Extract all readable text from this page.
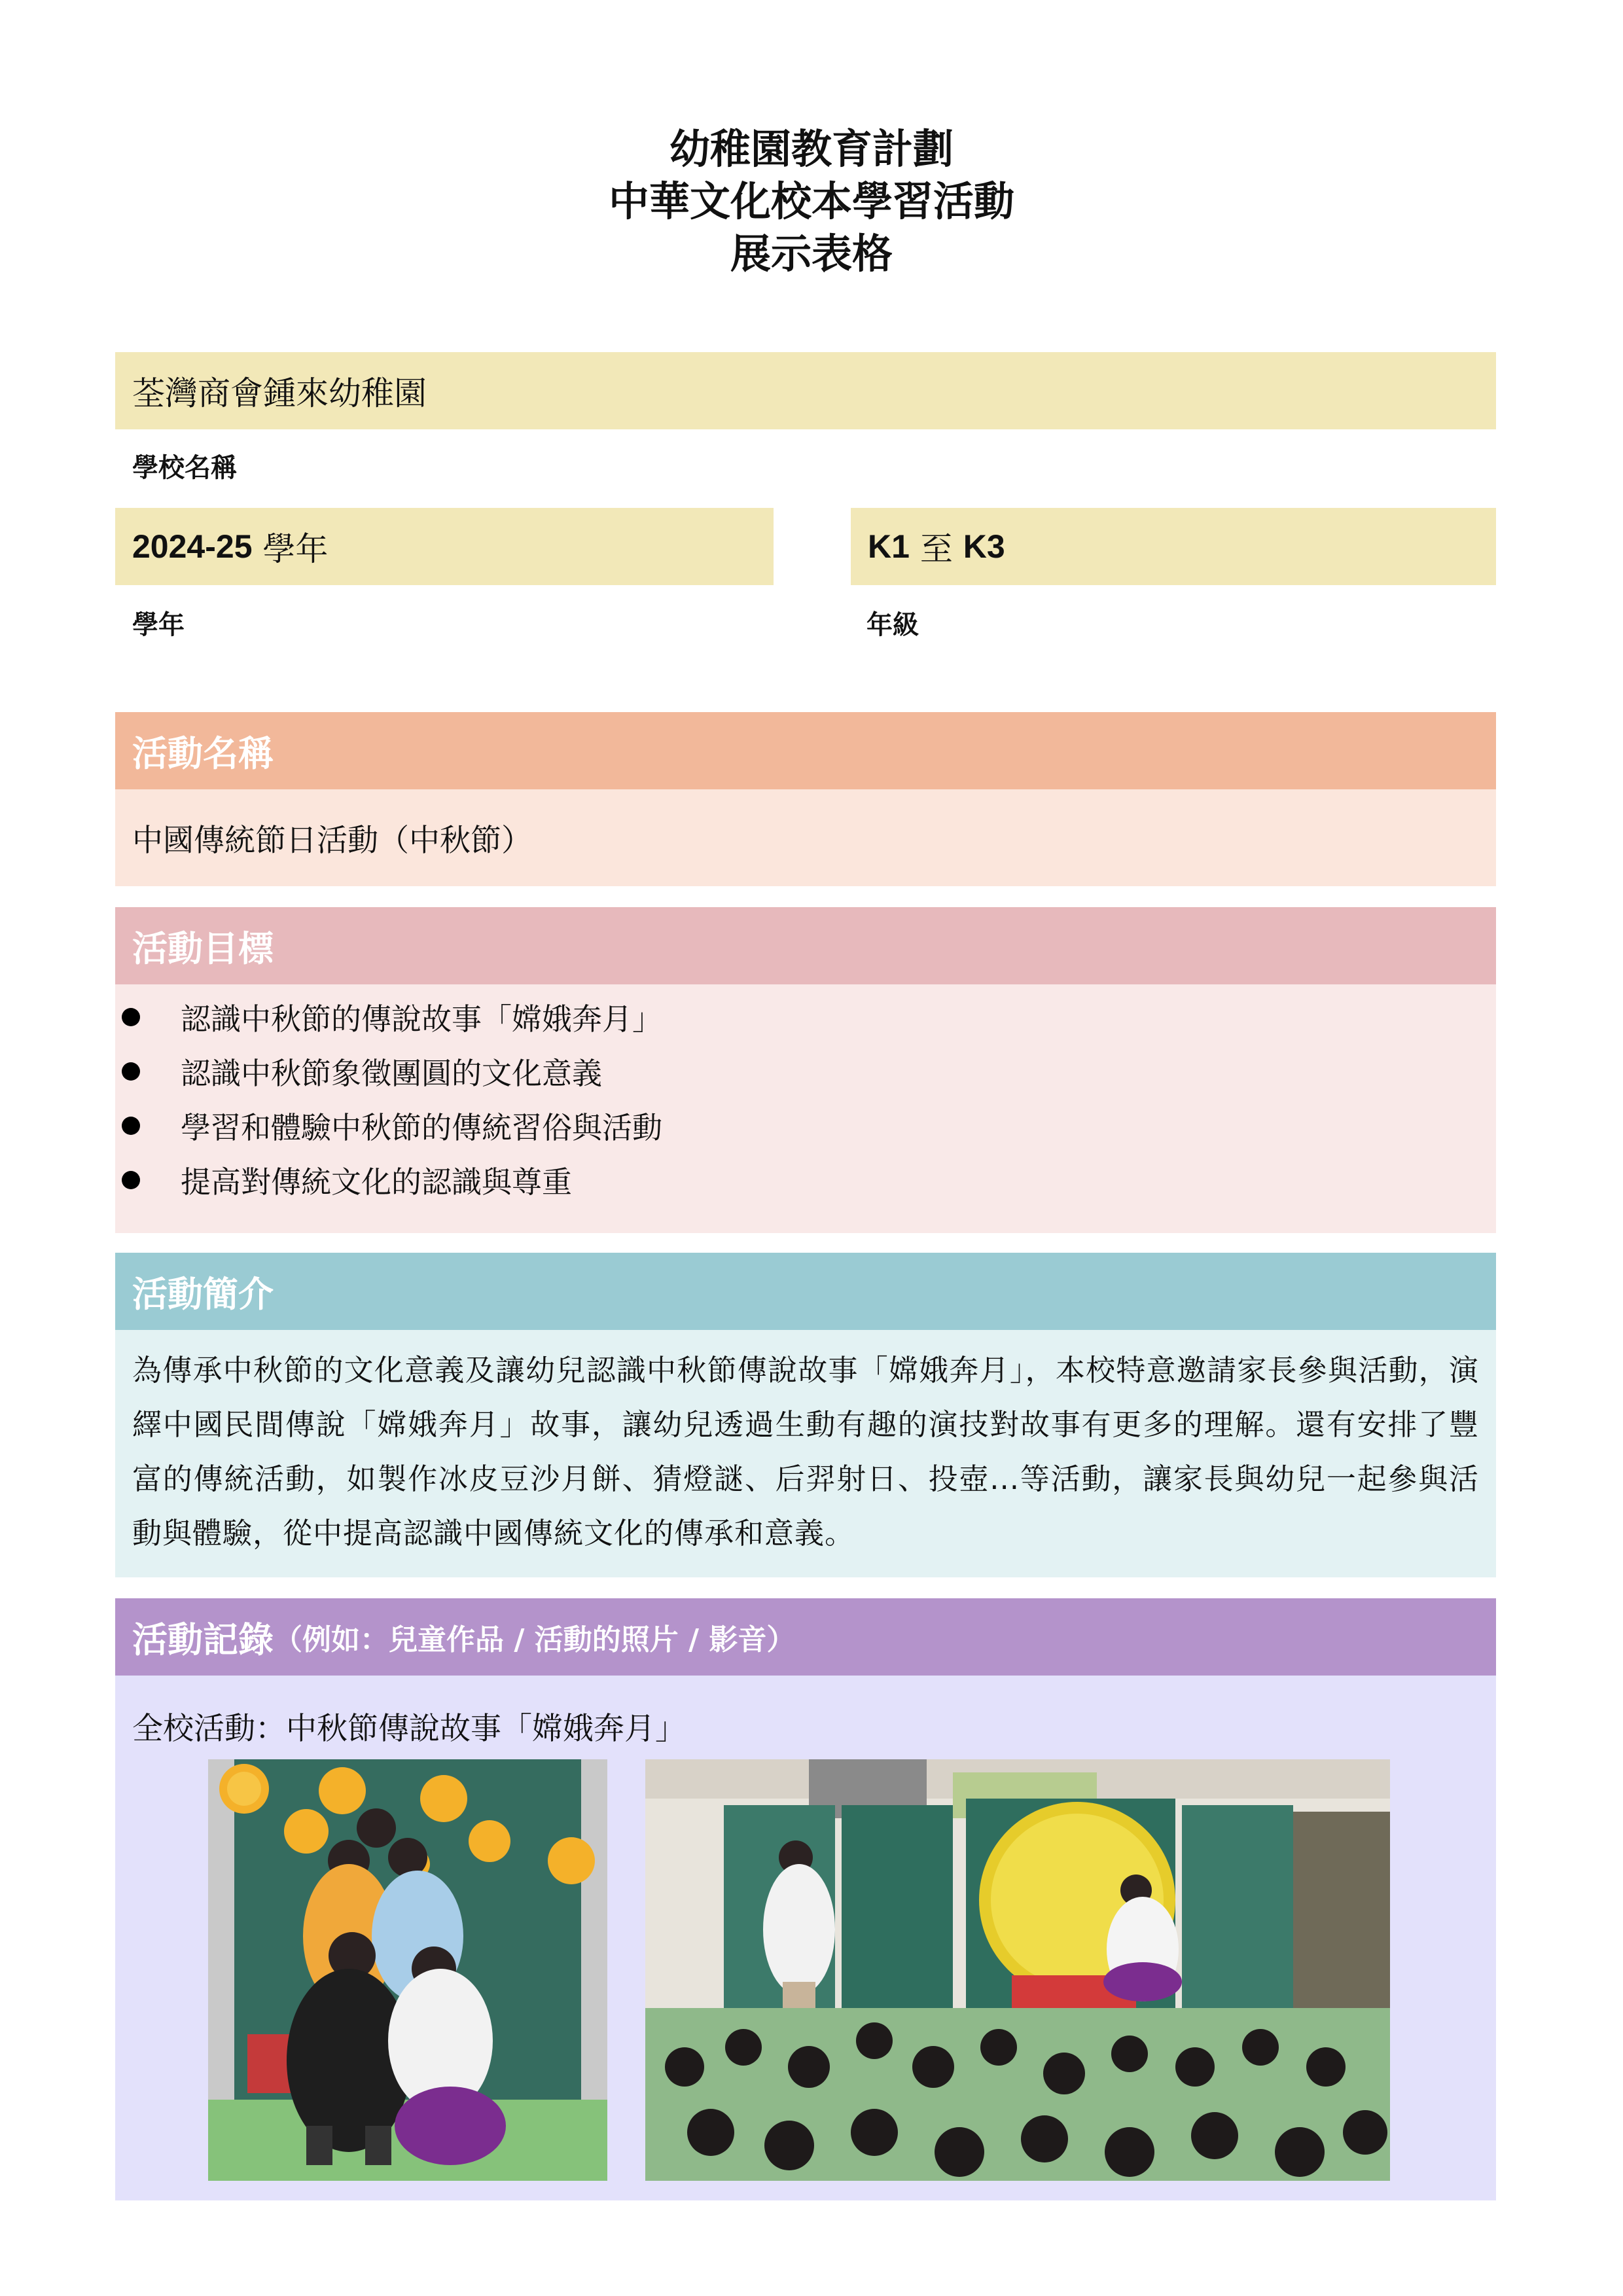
幼稚園教育計劃
中華文化校本學習活動
展示表格
荃灣商會鍾來幼稚園
學校名稱
2024-25 學年
學年
K1 至 K3
年級
活動名稱
中國傳統節日活動（中秋節）
活動目標
認識中秋節的傳說故事「嫦娥奔月」
認識中秋節象徵團圓的文化意義
學習和體驗中秋節的傳統習俗與活動
提高對傳統文化的認識與尊重
活動簡介
為傳承中秋節的文化意義及讓幼兒認識中秋節傳說故事「嫦娥奔月」，本校特意邀請家長參與活動，演繹中國民間傳說「嫦娥奔月」故事，讓幼兒透過生動有趣的演技對故事有更多的理解。還有安排了豐富的傳統活動，如製作冰皮豆沙月餅、猜燈謎、后羿射日、投壺...等活動，讓家長與幼兒一起參與活動與體驗，從中提高認識中國傳統文化的傳承和意義。
活動記錄 （例如：兒童作品 / 活動的照片 / 影音）
全校活動：中秋節傳說故事「嫦娥奔月」
